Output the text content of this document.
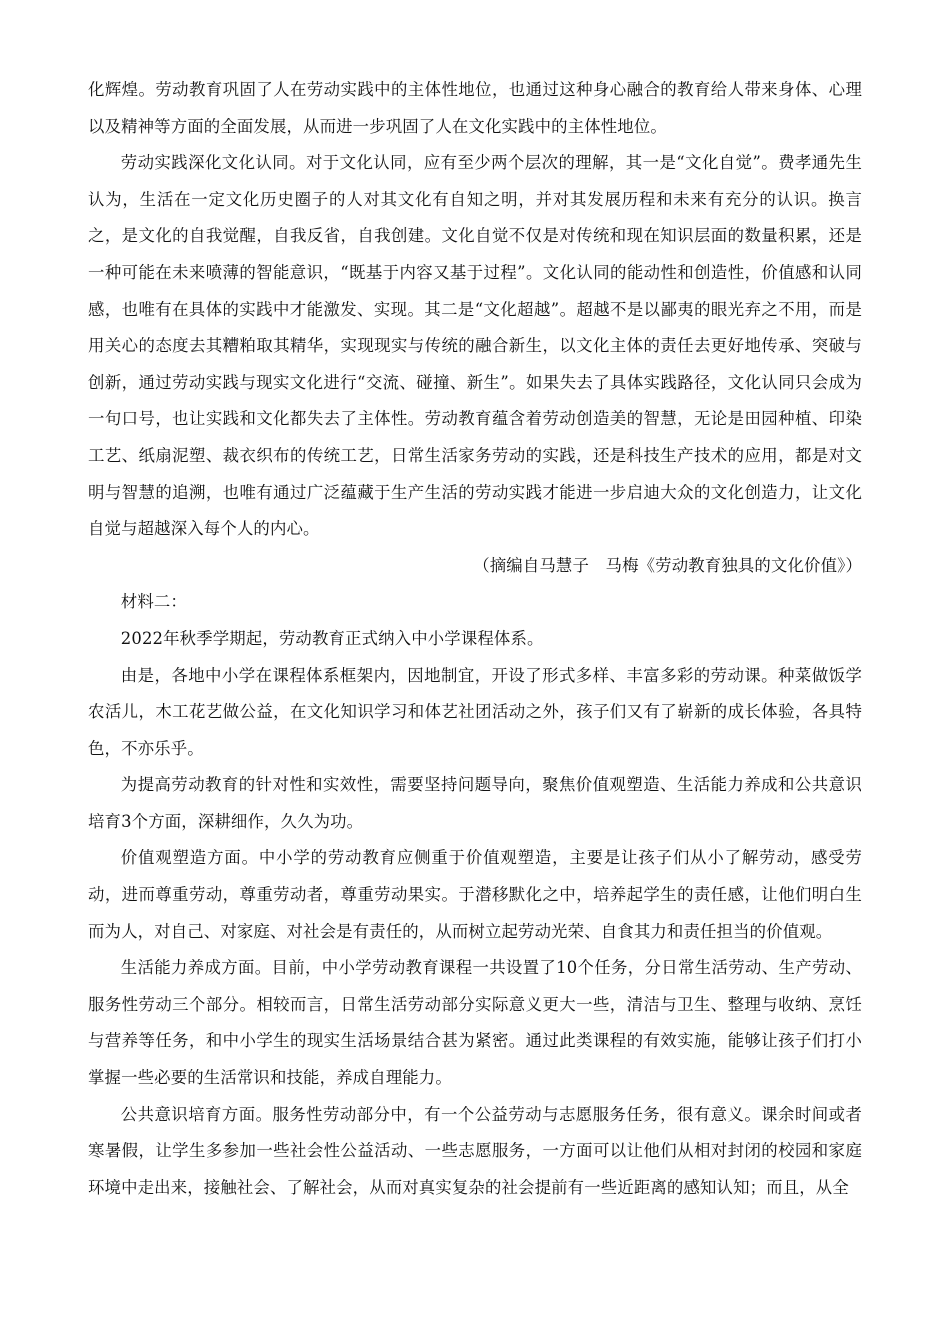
化辉煌。劳动教育巩固了人在劳动实践中的主体性地位，也通过这种身心融合的教育给人带来身体、心理以及精神等方面的全面发展，从而进一步巩固了人在文化实践中的主体性地位。

劳动实践深化文化认同。对于文化认同，应有至少两个层次的理解，其一是“文化自觉”。费孝通先生认为，生活在一定文化历史圈子的人对其文化有自知之明，并对其发展历程和未来有充分的认识。换言之，是文化的自我觉醒，自我反省，自我创建。文化自觉不仅是对传统和现在知识层面的数量积累，还是一种可能在未来喷薄的智能意识，“既基于内容又基于过程”。文化认同的能动性和创造性，价值感和认同感，也唯有在具体的实践中才能激发、实现。其二是“文化超越”。超越不是以鄙夷的眼光弃之不用，而是用关心的态度去其糟粕取其精华，实现现实与传统的融合新生，以文化主体的责任去更好地传承、突破与创新，通过劳动实践与现实文化进行“交流、碰撞、新生”。如果失去了具体实践路径，文化认同只会成为一句口号，也让实践和文化都失去了主体性。劳动教育蕴含着劳动创造美的智慧，无论是田园种植、印染工艺、纸扇泥塑、裁衣织布的传统工艺，日常生活家务劳动的实践，还是科技生产技术的应用，都是对文明与智慧的追溯，也唯有通过广泛蕴藏于生产生活的劳动实践才能进一步启迪大众的文化创造力，让文化自觉与超越深入每个人的内心。

（摘编自马慧子　马梅《劳动教育独具的文化价值》）

材料二：

2022年秋季学期起，劳动教育正式纳入中小学课程体系。

由是，各地中小学在课程体系框架内，因地制宜，开设了形式多样、丰富多彩的劳动课。种菜做饭学农活儿，木工花艺做公益，在文化知识学习和体艺社团活动之外，孩子们又有了崭新的成长体验，各具特色，不亦乐乎。

为提高劳动教育的针对性和实效性，需要坚持问题导向，聚焦价值观塑造、生活能力养成和公共意识培育3个方面，深耕细作，久久为功。

价值观塑造方面。中小学的劳动教育应侧重于价值观塑造，主要是让孩子们从小了解劳动，感受劳动，进而尊重劳动，尊重劳动者，尊重劳动果实。于潜移默化之中，培养起学生的责任感，让他们明白生而为人，对自己、对家庭、对社会是有责任的，从而树立起劳动光荣、自食其力和责任担当的价值观。

生活能力养成方面。目前，中小学劳动教育课程一共设置了10个任务，分日常生活劳动、生产劳动、服务性劳动三个部分。相较而言，日常生活劳动部分实际意义更大一些，清洁与卫生、整理与收纳、烹饪与营养等任务，和中小学生的现实生活场景结合甚为紧密。通过此类课程的有效实施，能够让孩子们打小掌握一些必要的生活常识和技能，养成自理能力。

公共意识培育方面。服务性劳动部分中，有一个公益劳动与志愿服务任务，很有意义。课余时间或者寒暑假，让学生多参加一些社会性公益活动、一些志愿服务，一方面可以让他们从相对封闭的校园和家庭环境中走出来，接触社会、了解社会，从而对真实复杂的社会提前有一些近距离的感知认知；而且，从全
